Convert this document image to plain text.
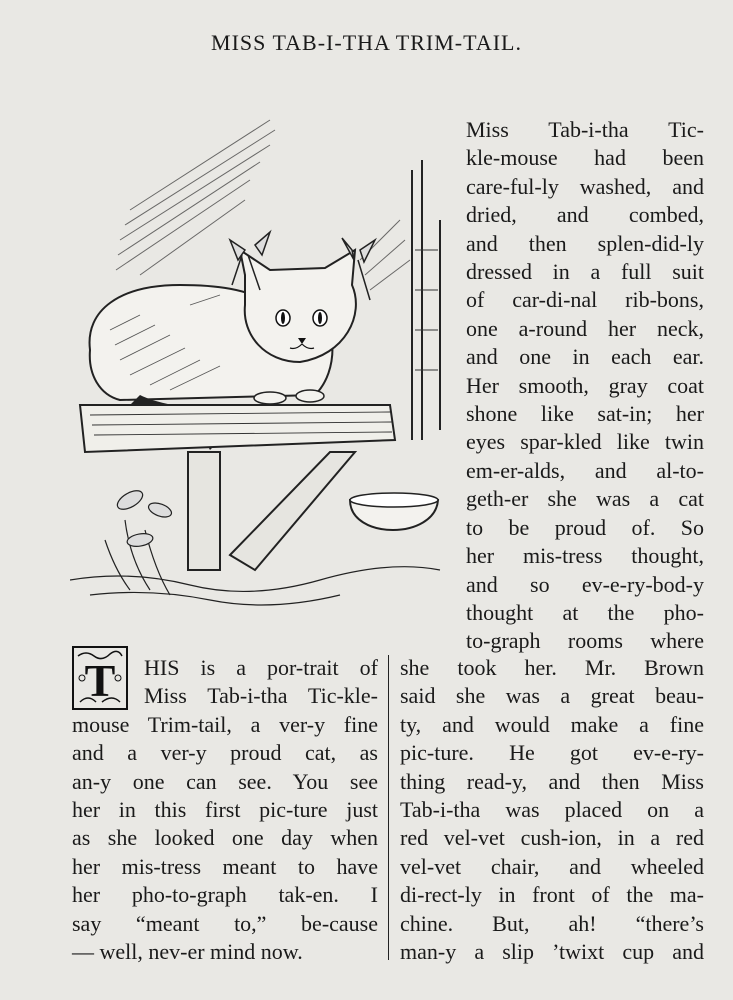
MISS TAB-I-THA TRIM-TAIL.
Miss Tab-i-tha Tic-
kle-mouse had been
care-ful-ly washed, and
dried, and combed,
and then splen-did-ly
dressed in a full suit
of car-di-nal rib-bons,
one a-round her neck,
and one in each ear.
Her smooth, gray coat
shone like sat-in; her
eyes spar-kled like twin
em-er-alds, and al-to-
geth-er she was a cat
to be proud of. So
her mis-tress thought,
and so ev-e-ry-bod-y
thought at the pho-
to-graph rooms where
T	HIS is a por-trait of
Miss Tab-i-tha Tic-kle-
mouse Trim-tail, a ver-y fine
and a ver-y proud cat, as
an-y one can see. You see
her in this first pic-ture just
as she looked one day when
her mis-tress meant to have
her pho-to-graph tak-en. I
say “meant to,” be-cause
— well, nev-er mind now.
she took her. Mr. Brown
said she was a great beau-
ty, and would make a fine
pic-ture. He got ev-e-ry-
thing read-y, and then Miss
Tab-i-tha was placed on a
red vel-vet cush-ion, in a red
vel-vet chair, and wheeled
di-rect-ly in front of the ma-
chine. But, ah! “there’s
man-y a slip ’twixt cup and
